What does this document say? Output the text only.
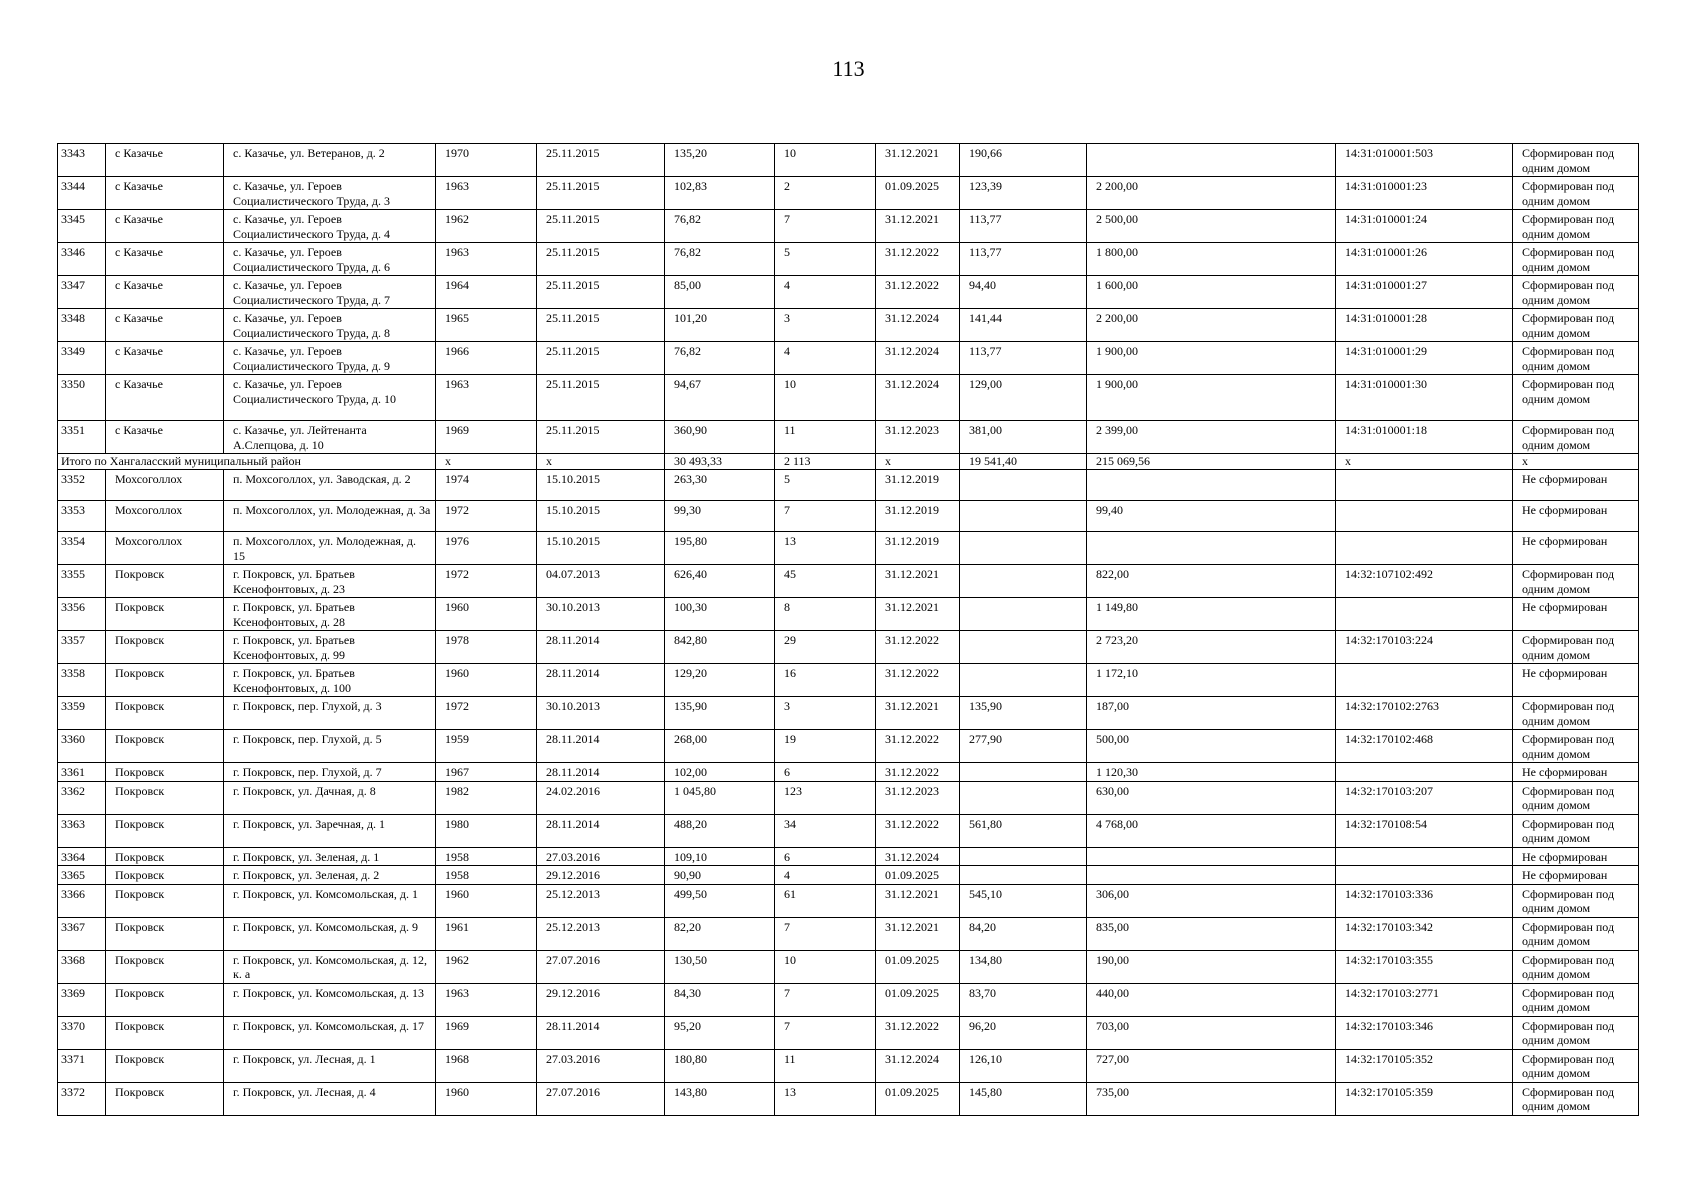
113
3343	с Казачье	с. Казачье, ул. Ветеранов, д. 2	1970	25.11.2015	135,20	10	31.12.2021	190,66		14:31:010001:503	Сформирован под одним домом
3344	с Казачье	с. Казачье, ул. Героев Социалистического Труда, д. 3	1963	25.11.2015	102,83	2	01.09.2025	123,39	2 200,00	14:31:010001:23	Сформирован под одним домом
3345	с Казачье	с. Казачье, ул. Героев Социалистического Труда, д. 4	1962	25.11.2015	76,82	7	31.12.2021	113,77	2 500,00	14:31:010001:24	Сформирован под одним домом
3346	с Казачье	с. Казачье, ул. Героев Социалистического Труда, д. 6	1963	25.11.2015	76,82	5	31.12.2022	113,77	1 800,00	14:31:010001:26	Сформирован под одним домом
3347	с Казачье	с. Казачье, ул. Героев Социалистического Труда, д. 7	1964	25.11.2015	85,00	4	31.12.2022	94,40	1 600,00	14:31:010001:27	Сформирован под одним домом
3348	с Казачье	с. Казачье, ул. Героев Социалистического Труда, д. 8	1965	25.11.2015	101,20	3	31.12.2024	141,44	2 200,00	14:31:010001:28	Сформирован под одним домом
3349	с Казачье	с. Казачье, ул. Героев Социалистического Труда, д. 9	1966	25.11.2015	76,82	4	31.12.2024	113,77	1 900,00	14:31:010001:29	Сформирован под одним домом
3350	с Казачье	с. Казачье, ул. Героев Социалистического Труда, д. 10	1963	25.11.2015	94,67	10	31.12.2024	129,00	1 900,00	14:31:010001:30	Сформирован под одним домом
3351	с Казачье	с. Казачье, ул. Лейтенанта А.Слепцова, д. 10	1969	25.11.2015	360,90	11	31.12.2023	381,00	2 399,00	14:31:010001:18	Сформирован под одним домом
Итого по Хангаласский муниципальный район			x	x	30 493,33	2 113	x	19 541,40	215 069,56	x	x
3352	Мохсоголлох	п. Мохсоголлох, ул. Заводская, д. 2	1974	15.10.2015	263,30	5	31.12.2019				Не сформирован
3353	Мохсоголлох	п. Мохсоголлох, ул. Молодежная, д. 3а	1972	15.10.2015	99,30	7	31.12.2019		99,40		Не сформирован
3354	Мохсоголлох	п. Мохсоголлох, ул. Молодежная, д. 15	1976	15.10.2015	195,80	13	31.12.2019				Не сформирован
3355	Покровск	г. Покровск, ул. Братьев Ксенофонтовых, д. 23	1972	04.07.2013	626,40	45	31.12.2021		822,00	14:32:107102:492	Сформирован под одним домом
3356	Покровск	г. Покровск, ул. Братьев Ксенофонтовых, д. 28	1960	30.10.2013	100,30	8	31.12.2021		1 149,80		Не сформирован
3357	Покровск	г. Покровск, ул. Братьев Ксенофонтовых, д. 99	1978	28.11.2014	842,80	29	31.12.2022		2 723,20	14:32:170103:224	Сформирован под одним домом
3358	Покровск	г. Покровск, ул. Братьев Ксенофонтовых, д. 100	1960	28.11.2014	129,20	16	31.12.2022		1 172,10		Не сформирован
3359	Покровск	г. Покровск, пер. Глухой, д. 3	1972	30.10.2013	135,90	3	31.12.2021	135,90	187,00	14:32:170102:2763	Сформирован под одним домом
3360	Покровск	г. Покровск, пер. Глухой, д. 5	1959	28.11.2014	268,00	19	31.12.2022	277,90	500,00	14:32:170102:468	Сформирован под одним домом
3361	Покровск	г. Покровск, пер. Глухой, д. 7	1967	28.11.2014	102,00	6	31.12.2022		1 120,30		Не сформирован
3362	Покровск	г. Покровск, ул. Дачная, д. 8	1982	24.02.2016	1 045,80	123	31.12.2023		630,00	14:32:170103:207	Сформирован под одним домом
3363	Покровск	г. Покровск, ул. Заречная, д. 1	1980	28.11.2014	488,20	34	31.12.2022	561,80	4 768,00	14:32:170108:54	Сформирован под одним домом
3364	Покровск	г. Покровск, ул. Зеленая, д. 1	1958	27.03.2016	109,10	6	31.12.2024				Не сформирован
3365	Покровск	г. Покровск, ул. Зеленая, д. 2	1958	29.12.2016	90,90	4	01.09.2025				Не сформирован
3366	Покровск	г. Покровск, ул. Комсомольская, д. 1	1960	25.12.2013	499,50	61	31.12.2021	545,10	306,00	14:32:170103:336	Сформирован под одним домом
3367	Покровск	г. Покровск, ул. Комсомольская, д. 9	1961	25.12.2013	82,20	7	31.12.2021	84,20	835,00	14:32:170103:342	Сформирован под одним домом
3368	Покровск	г. Покровск, ул. Комсомольская, д. 12, к. а	1962	27.07.2016	130,50	10	01.09.2025	134,80	190,00	14:32:170103:355	Сформирован под одним домом
3369	Покровск	г. Покровск, ул. Комсомольская, д. 13	1963	29.12.2016	84,30	7	01.09.2025	83,70	440,00	14:32:170103:2771	Сформирован под одним домом
3370	Покровск	г. Покровск, ул. Комсомольская, д. 17	1969	28.11.2014	95,20	7	31.12.2022	96,20	703,00	14:32:170103:346	Сформирован под одним домом
3371	Покровск	г. Покровск, ул. Лесная, д. 1	1968	27.03.2016	180,80	11	31.12.2024	126,10	727,00	14:32:170105:352	Сформирован под одним домом
3372	Покровск	г. Покровск, ул. Лесная, д. 4	1960	27.07.2016	143,80	13	01.09.2025	145,80	735,00	14:32:170105:359	Сформирован под одним домом
